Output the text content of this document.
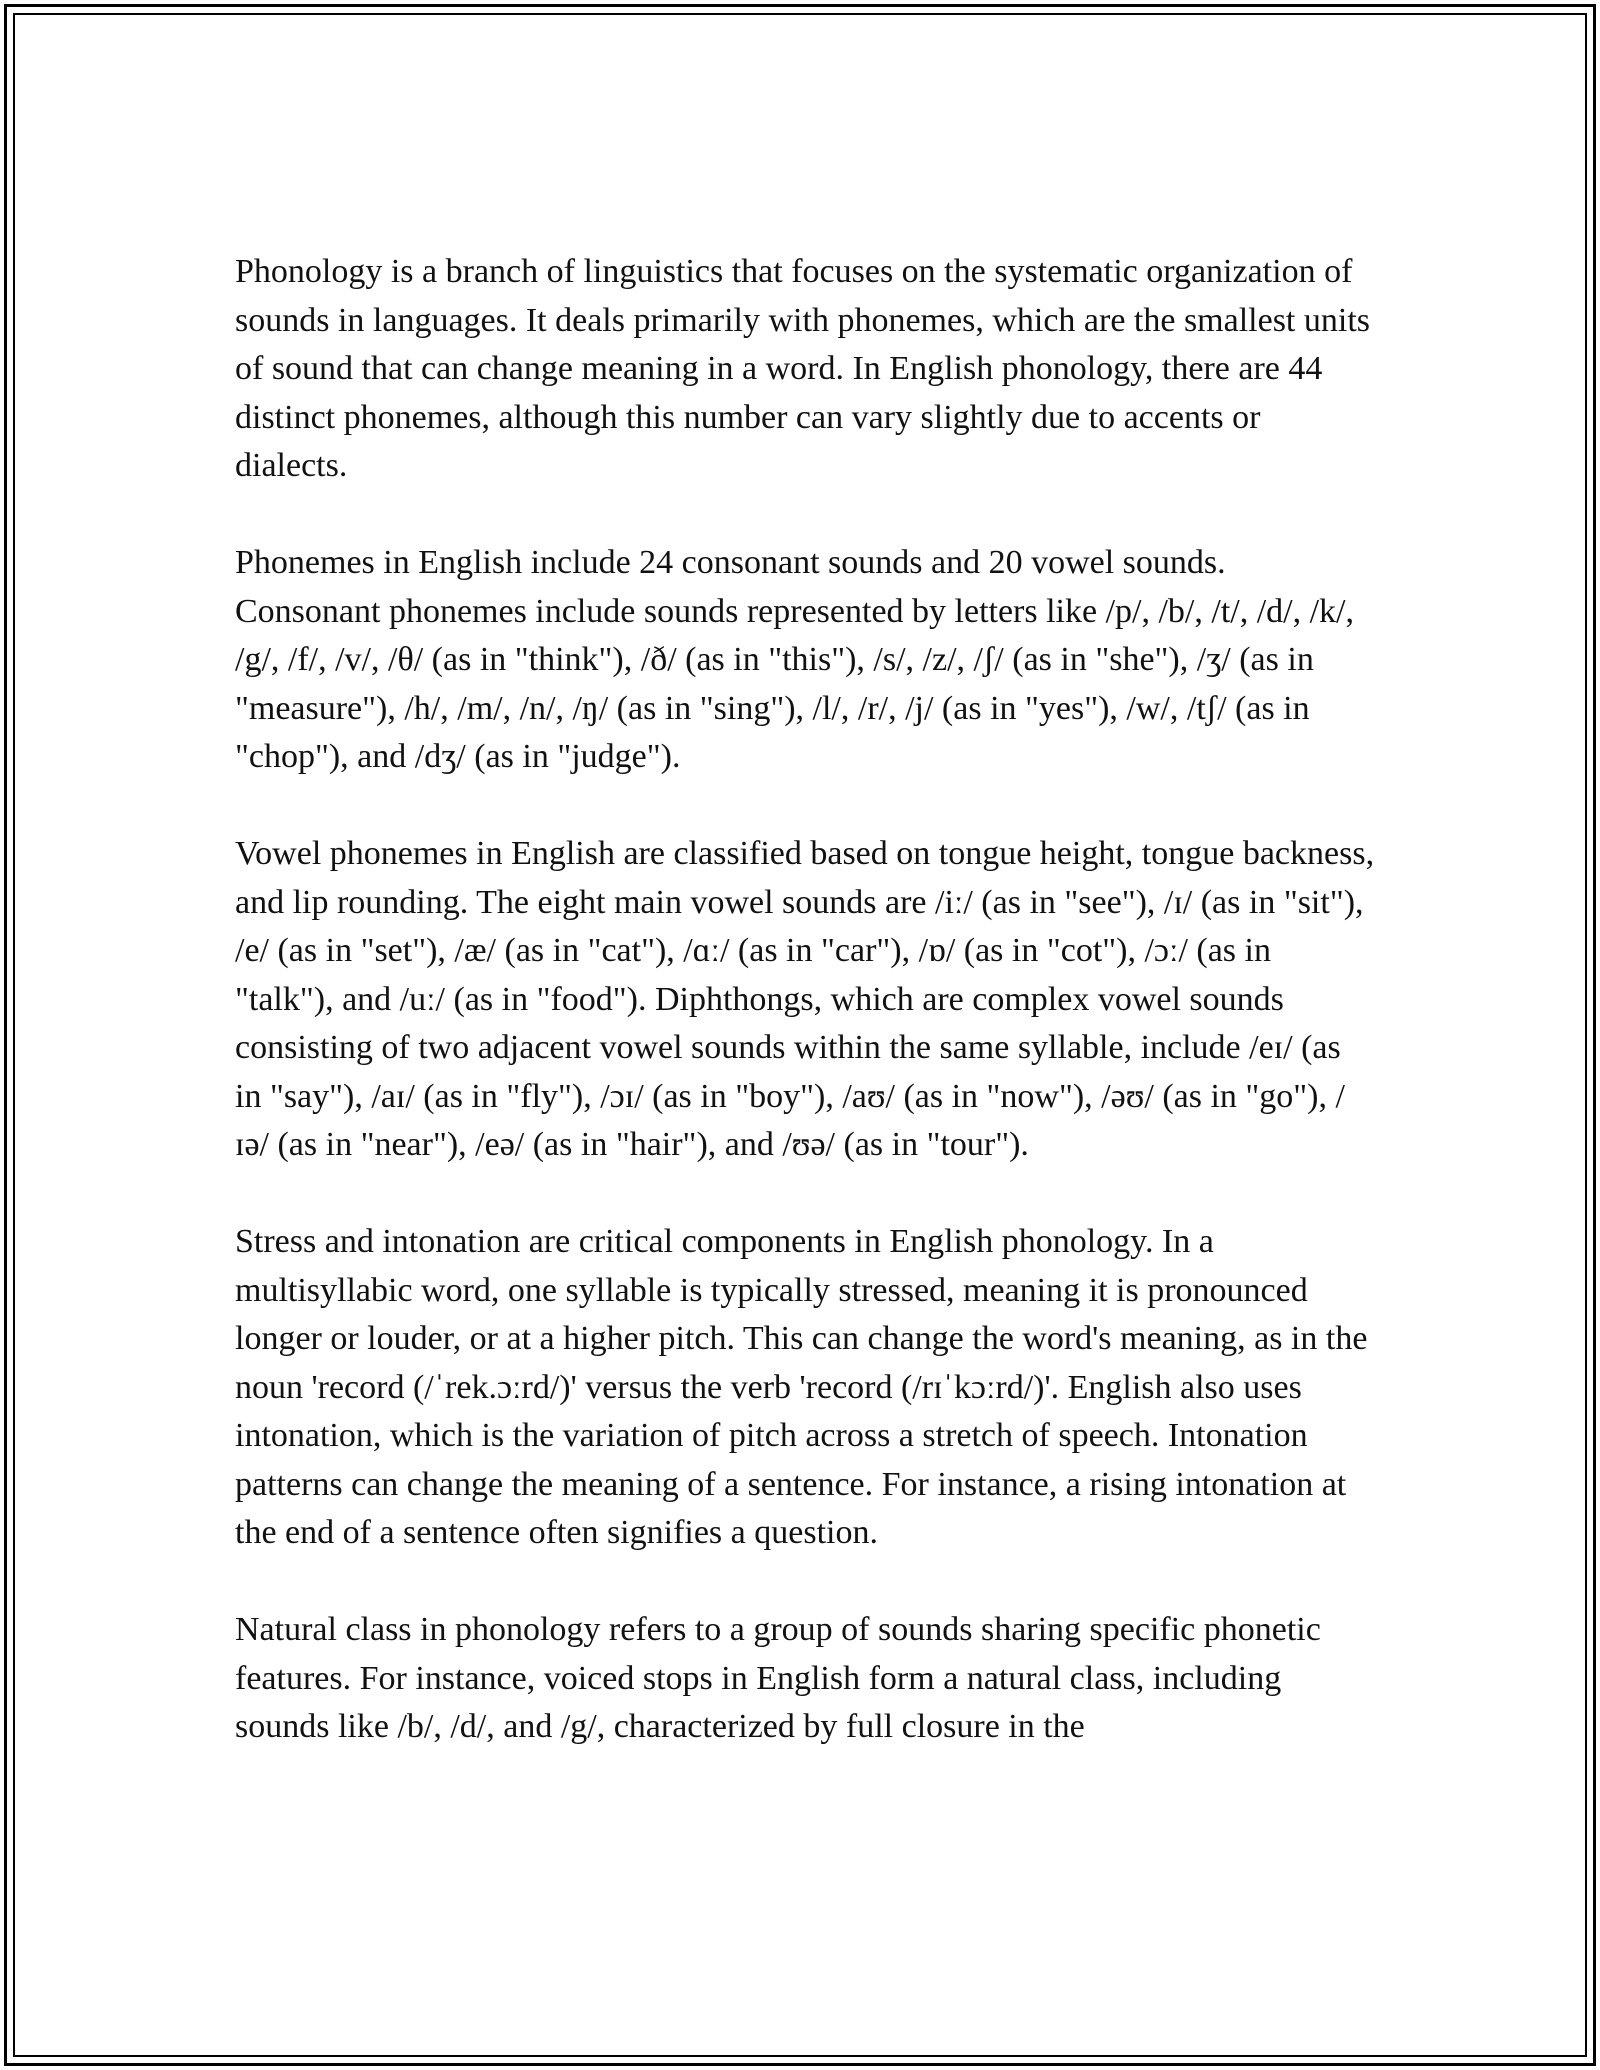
Phonology is a branch of linguistics that focuses on the systematic organization of sounds in languages. It deals primarily with phonemes, which are the smallest units of sound that can change meaning in a word. In English phonology, there are 44 distinct phonemes, although this number can vary slightly due to accents or dialects.

Phonemes in English include 24 consonant sounds and 20 vowel sounds. Consonant phonemes include sounds represented by letters like /p/, /b/, /t/, /d/, /k/, /g/, /f/, /v/, /θ/ (as in "think"), /ð/ (as in "this"), /s/, /z/, /ʃ/ (as in "she"), /ʒ/ (as in "measure"), /h/, /m/, /n/, /ŋ/ (as in "sing"), /l/, /r/, /j/ (as in "yes"), /w/, /tʃ/ (as in "chop"), and /dʒ/ (as in "judge").

Vowel phonemes in English are classified based on tongue height, tongue backness, and lip rounding. The eight main vowel sounds are /iː/ (as in "see"), /ɪ/ (as in "sit"), /e/ (as in "set"), /æ/ (as in "cat"), /ɑː/ (as in "car"), /ɒ/ (as in "cot"), /ɔː/ (as in "talk"), and /uː/ (as in "food"). Diphthongs, which are complex vowel sounds consisting of two adjacent vowel sounds within the same syllable, include /eɪ/ (as in "say"), /aɪ/ (as in "fly"), /ɔɪ/ (as in "boy"), /aʊ/ (as in "now"), /əʊ/ (as in "go"), /ɪə/ (as in "near"), /eə/ (as in "hair"), and /ʊə/ (as in "tour").

Stress and intonation are critical components in English phonology. In a multisyllabic word, one syllable is typically stressed, meaning it is pronounced longer or louder, or at a higher pitch. This can change the word's meaning, as in the noun 'record (/ˈrek.ɔːrd/)' versus the verb 'record (/rɪˈkɔːrd/)'. English also uses intonation, which is the variation of pitch across a stretch of speech. Intonation patterns can change the meaning of a sentence. For instance, a rising intonation at the end of a sentence often signifies a question.

Natural class in phonology refers to a group of sounds sharing specific phonetic features. For instance, voiced stops in English form a natural class, including sounds like /b/, /d/, and /g/, characterized by full closure in the
